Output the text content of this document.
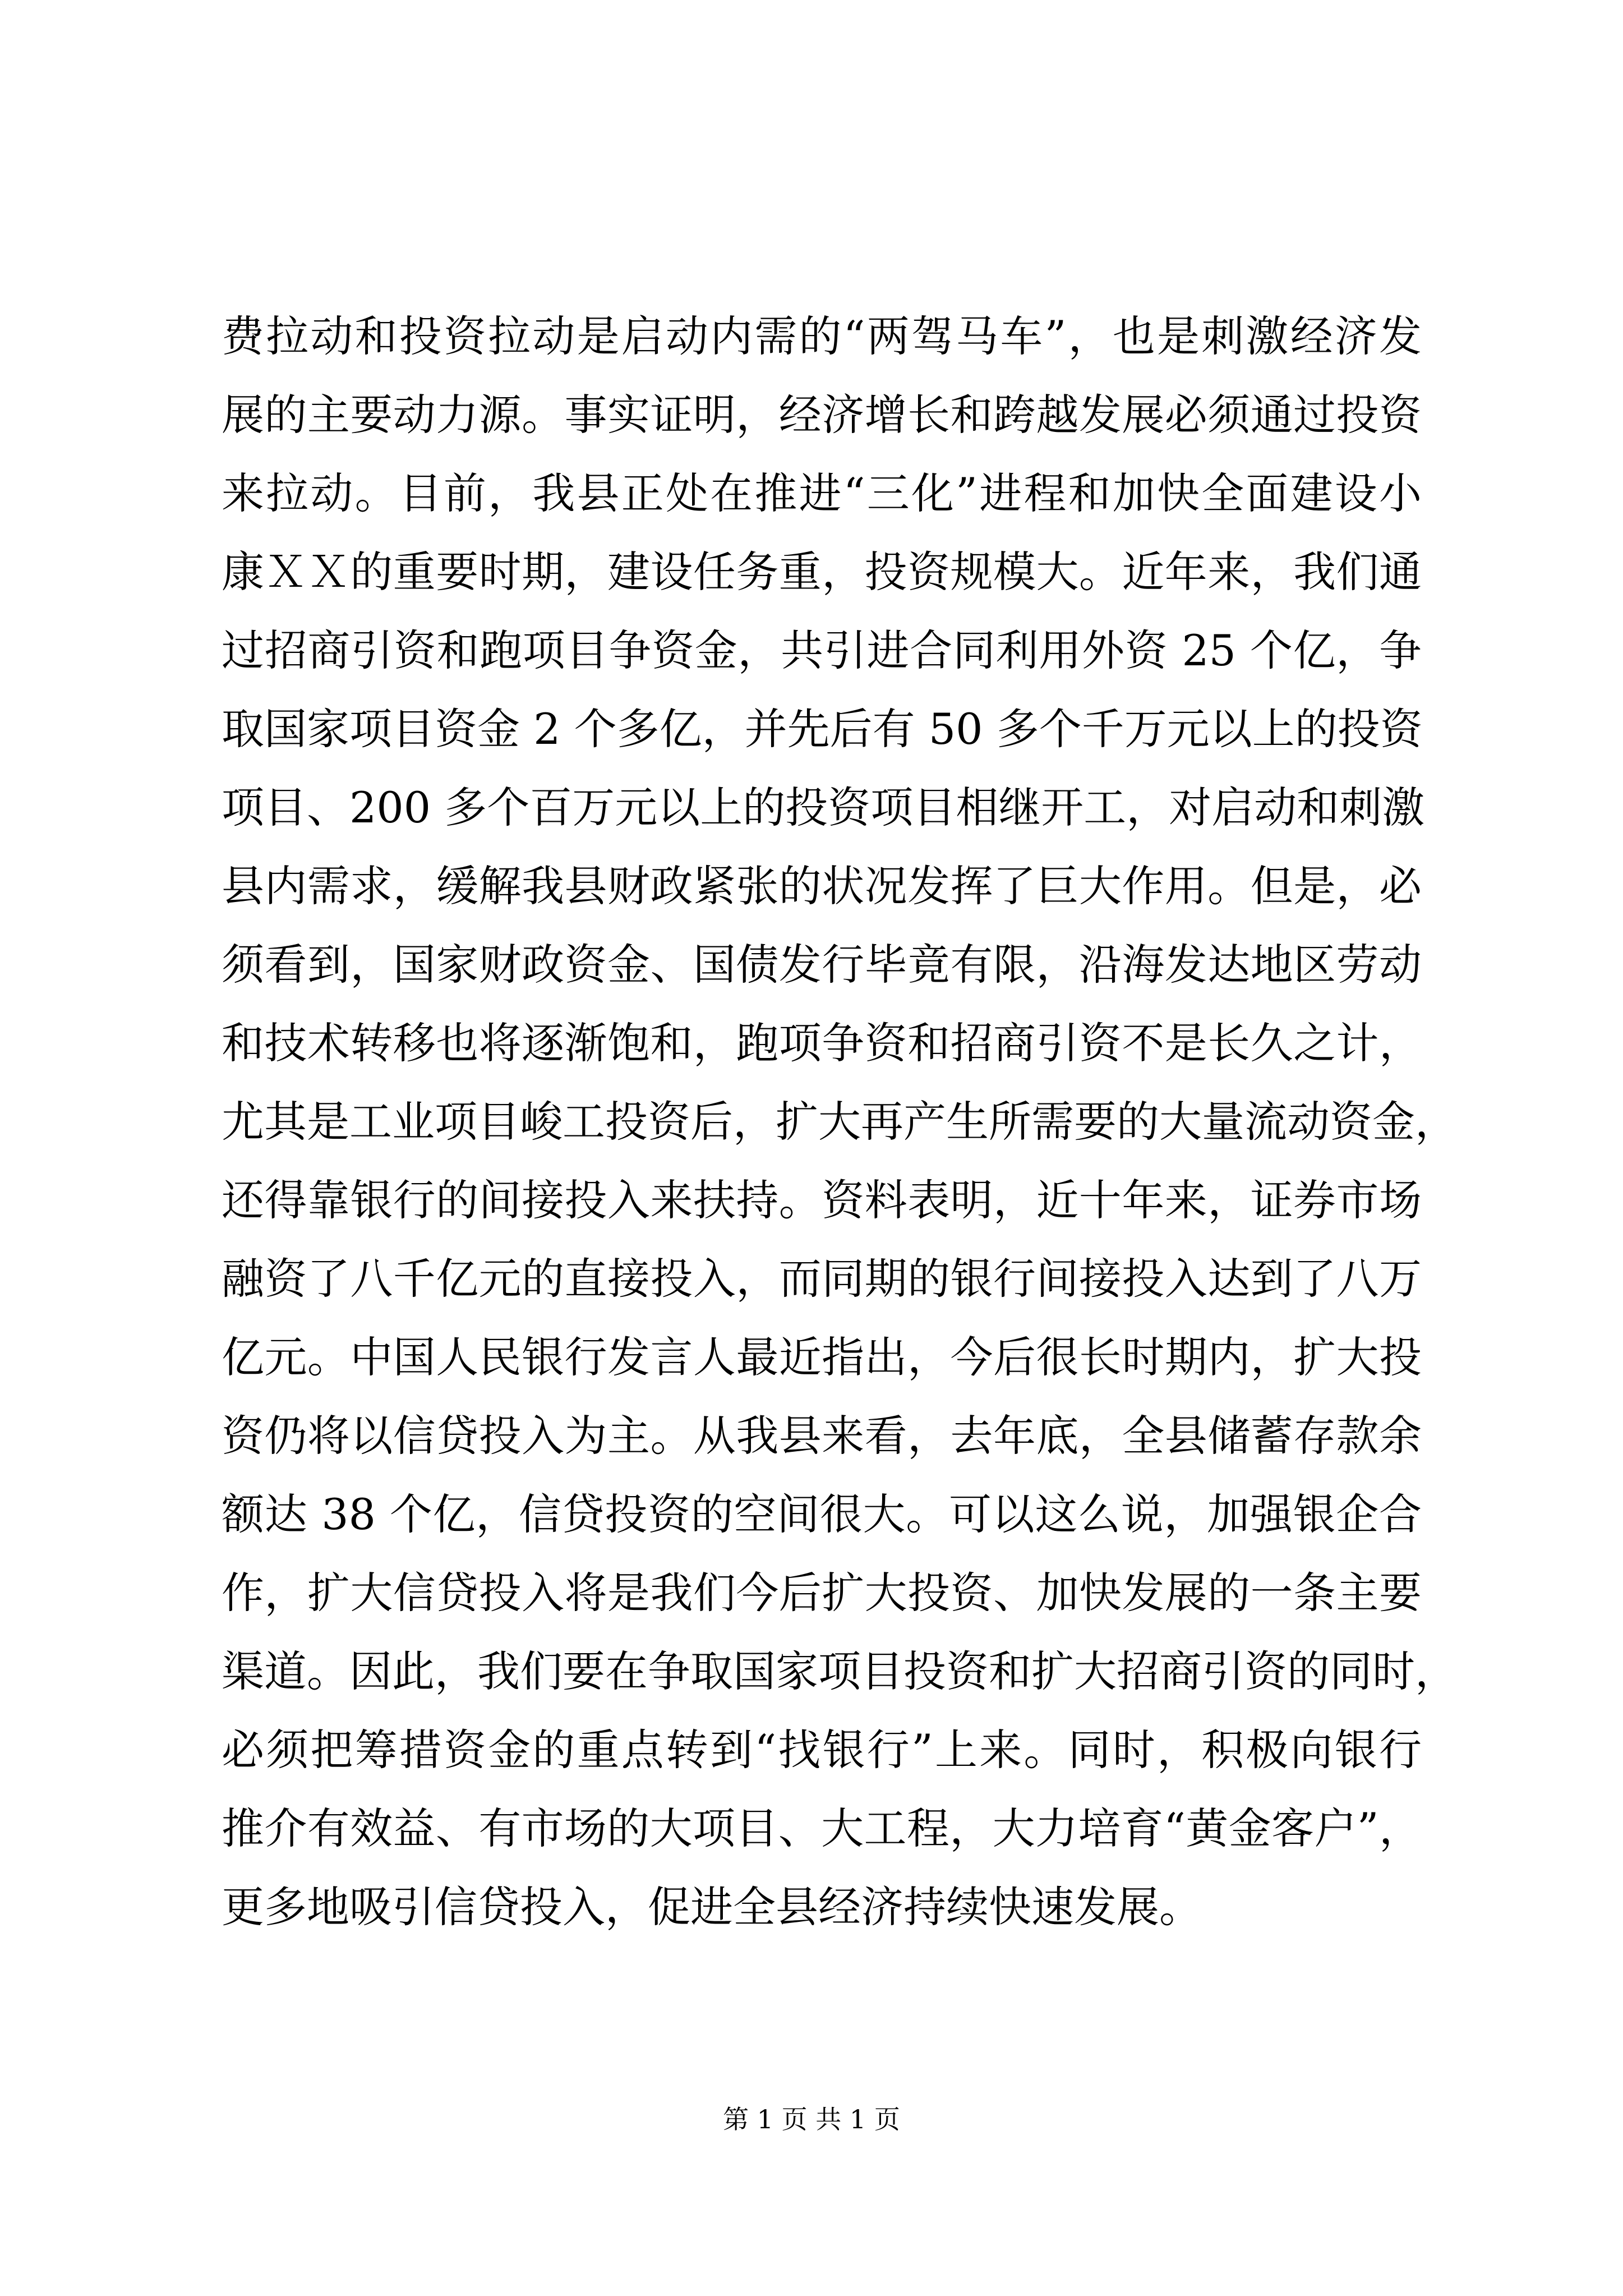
费拉动和投资拉动是启动内需的“两驾马车”，也是刺激经济发
展的主要动力源。事实证明，经济增长和跨越发展必须通过投资
来拉动。目前，我县正处在推进“三化”进程和加快全面建设小
康ＸＸ的重要时期，建设任务重，投资规模大。近年来，我们通
过招商引资和跑项目争资金，共引进合同利用外资 25 个亿，争
取国家项目资金 2 个多亿，并先后有 50 多个千万元以上的投资
项目、200 多个百万元以上的投资项目相继开工，对启动和刺激
县内需求，缓解我县财政紧张的状况发挥了巨大作用。但是，必
须看到，国家财政资金、国债发行毕竟有限，沿海发达地区劳动
和技术转移也将逐渐饱和，跑项争资和招商引资不是长久之计，
尤其是工业项目峻工投资后，扩大再产生所需要的大量流动资金，
还得靠银行的间接投入来扶持。资料表明，近十年来，证券市场
融资了八千亿元的直接投入，而同期的银行间接投入达到了八万
亿元。中国人民银行发言人最近指出，今后很长时期内，扩大投
资仍将以信贷投入为主。从我县来看，去年底，全县储蓄存款余
额达 38 个亿，信贷投资的空间很大。可以这么说，加强银企合
作，扩大信贷投入将是我们今后扩大投资、加快发展的一条主要
渠道。因此，我们要在争取国家项目投资和扩大招商引资的同时，
必须把筹措资金的重点转到“找银行”上来。同时，积极向银行
推介有效益、有市场的大项目、大工程，大力培育“黄金客户”，
更多地吸引信贷投入，促进全县经济持续快速发展。
第 1 页 共 1 页
